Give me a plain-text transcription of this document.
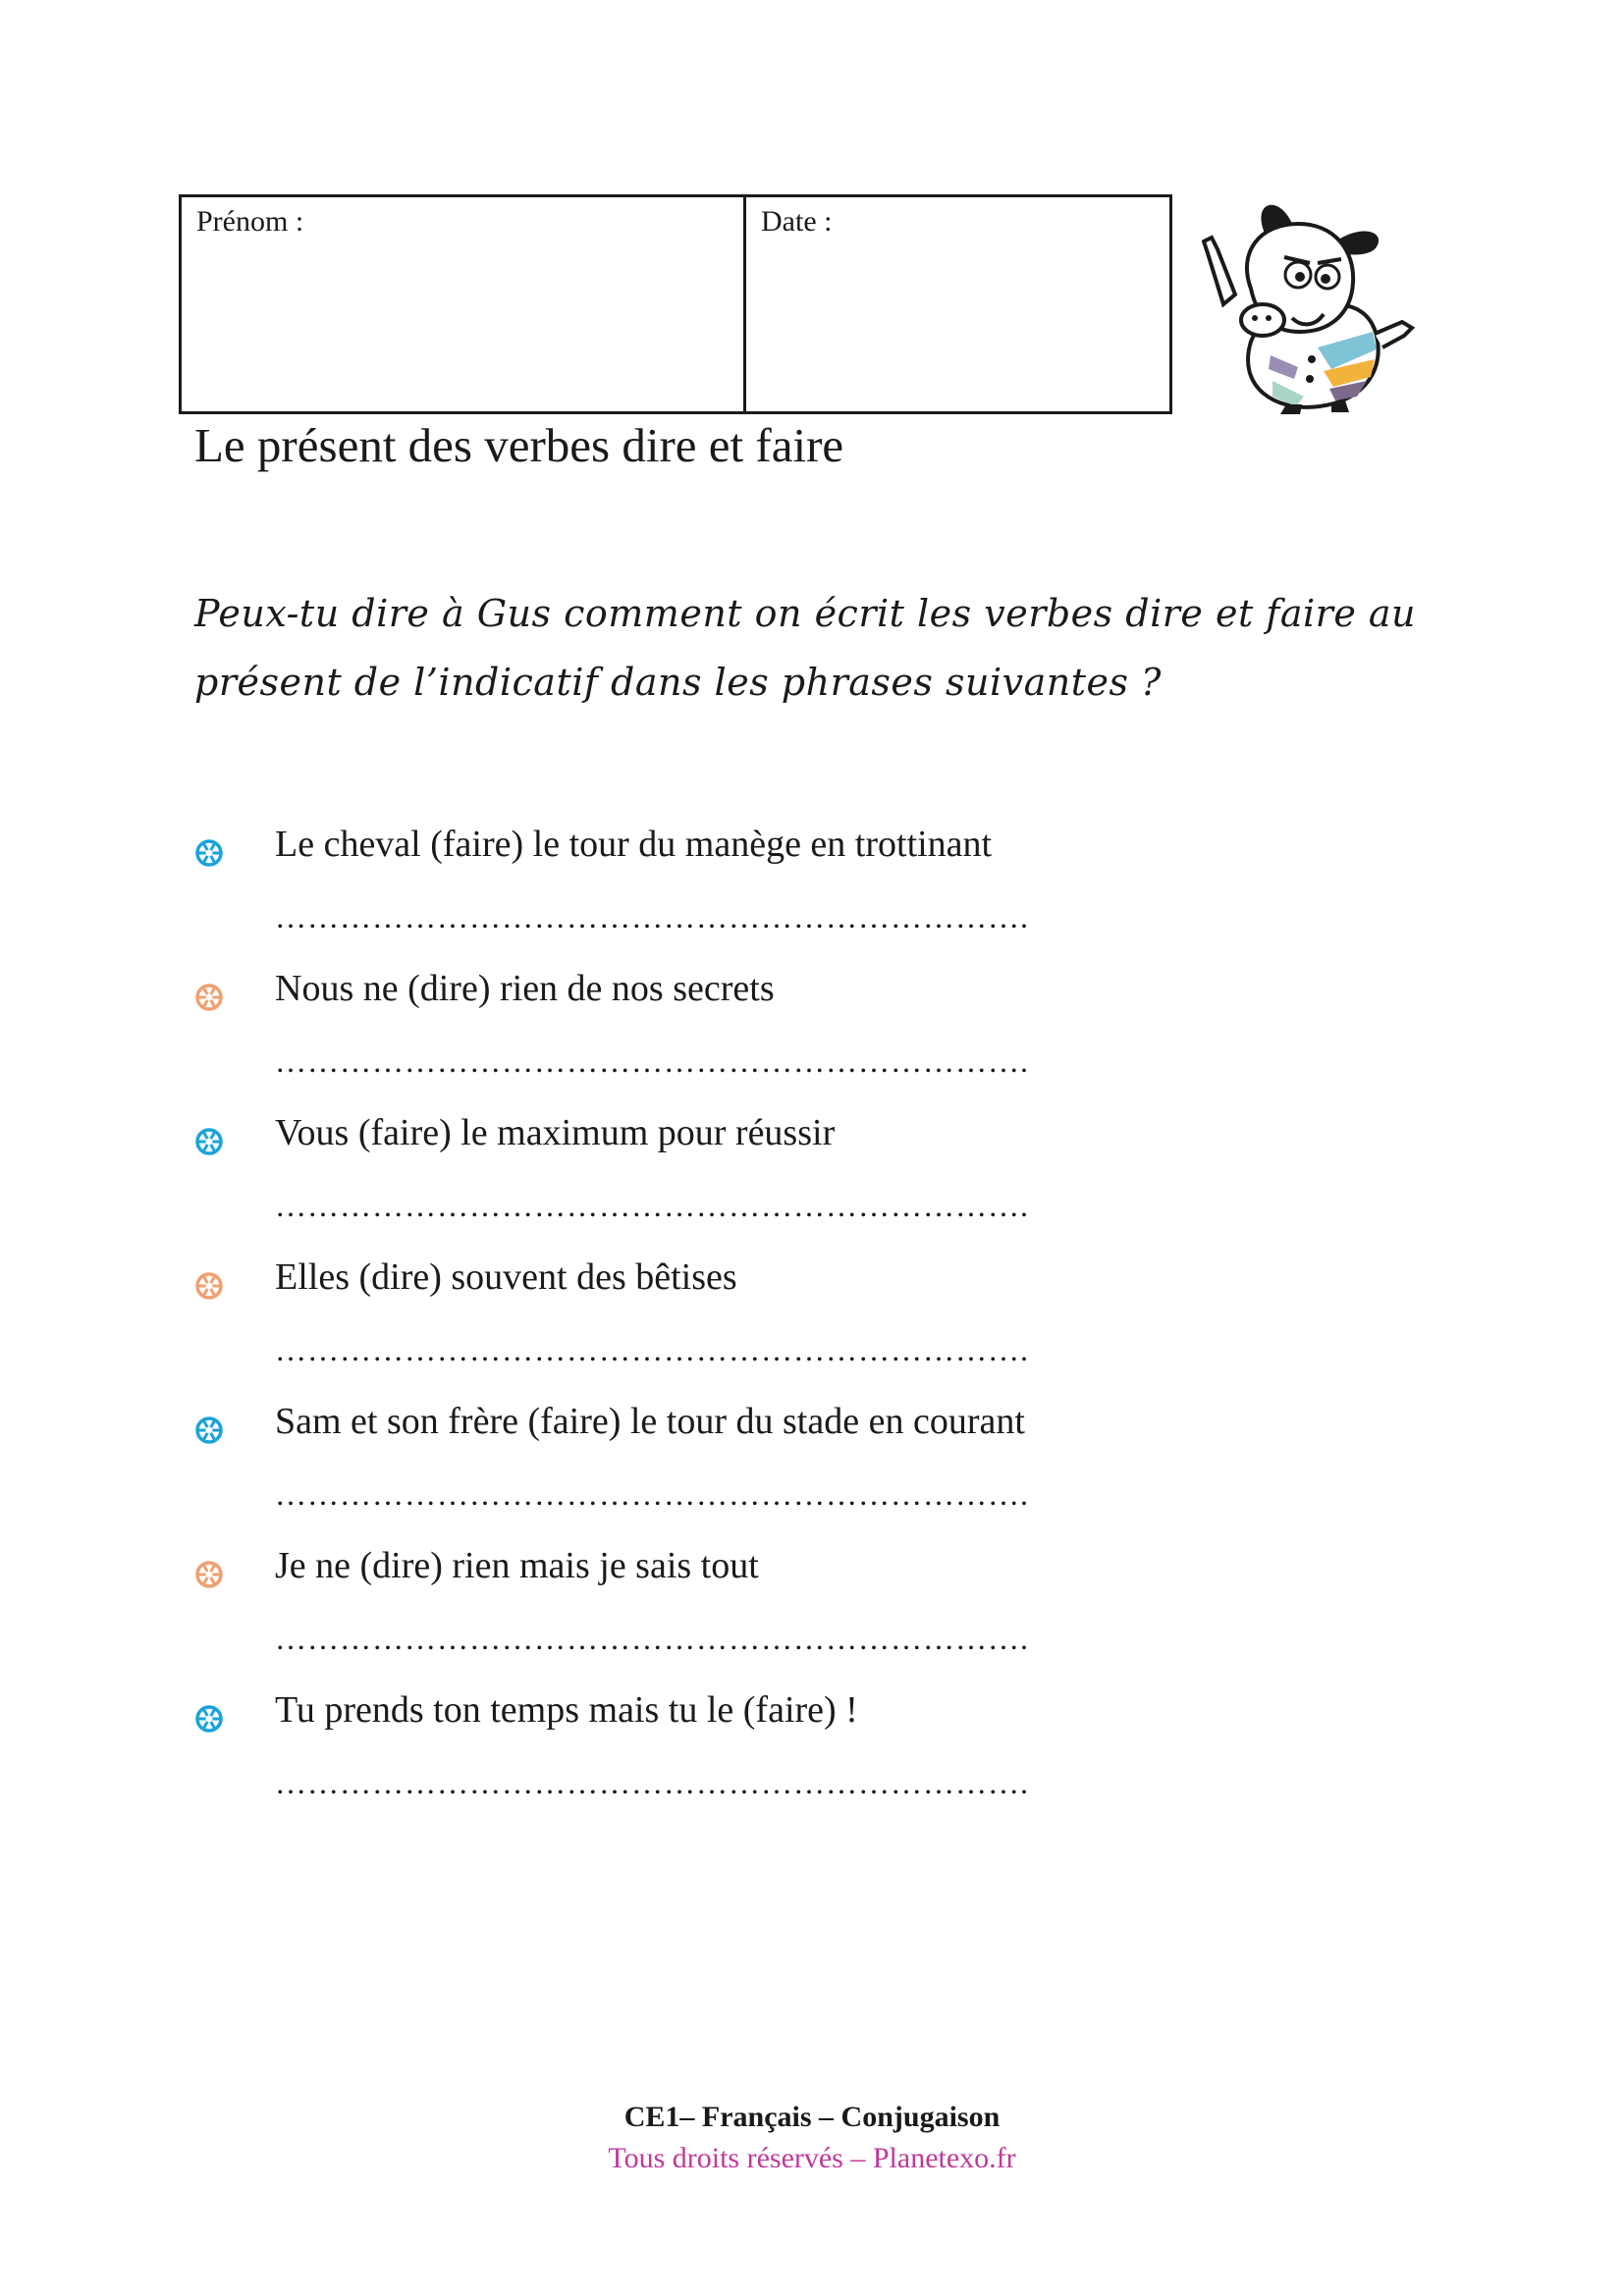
Prénom :	Date :
Le présent des verbes dire et faire

Peux-tu dire à Gus comment on écrit les verbes dire et faire au présent de l’indicatif dans les phrases suivantes ?

Le cheval (faire) le tour du manège en trottinant
…………………………………………………………….
Nous ne (dire) rien de nos secrets
…………………………………………………………….
Vous (faire) le maximum pour réussir
…………………………………………………………….
Elles (dire) souvent des bêtises
…………………………………………………………….
Sam et son frère (faire) le tour du stade en courant
…………………………………………………………….
Je ne (dire) rien mais je sais tout
…………………………………………………………….
Tu prends ton temps mais tu le (faire) !
…………………………………………………………….
CE1– Français – Conjugaison
Tous droits réservés – Planetexo.fr
